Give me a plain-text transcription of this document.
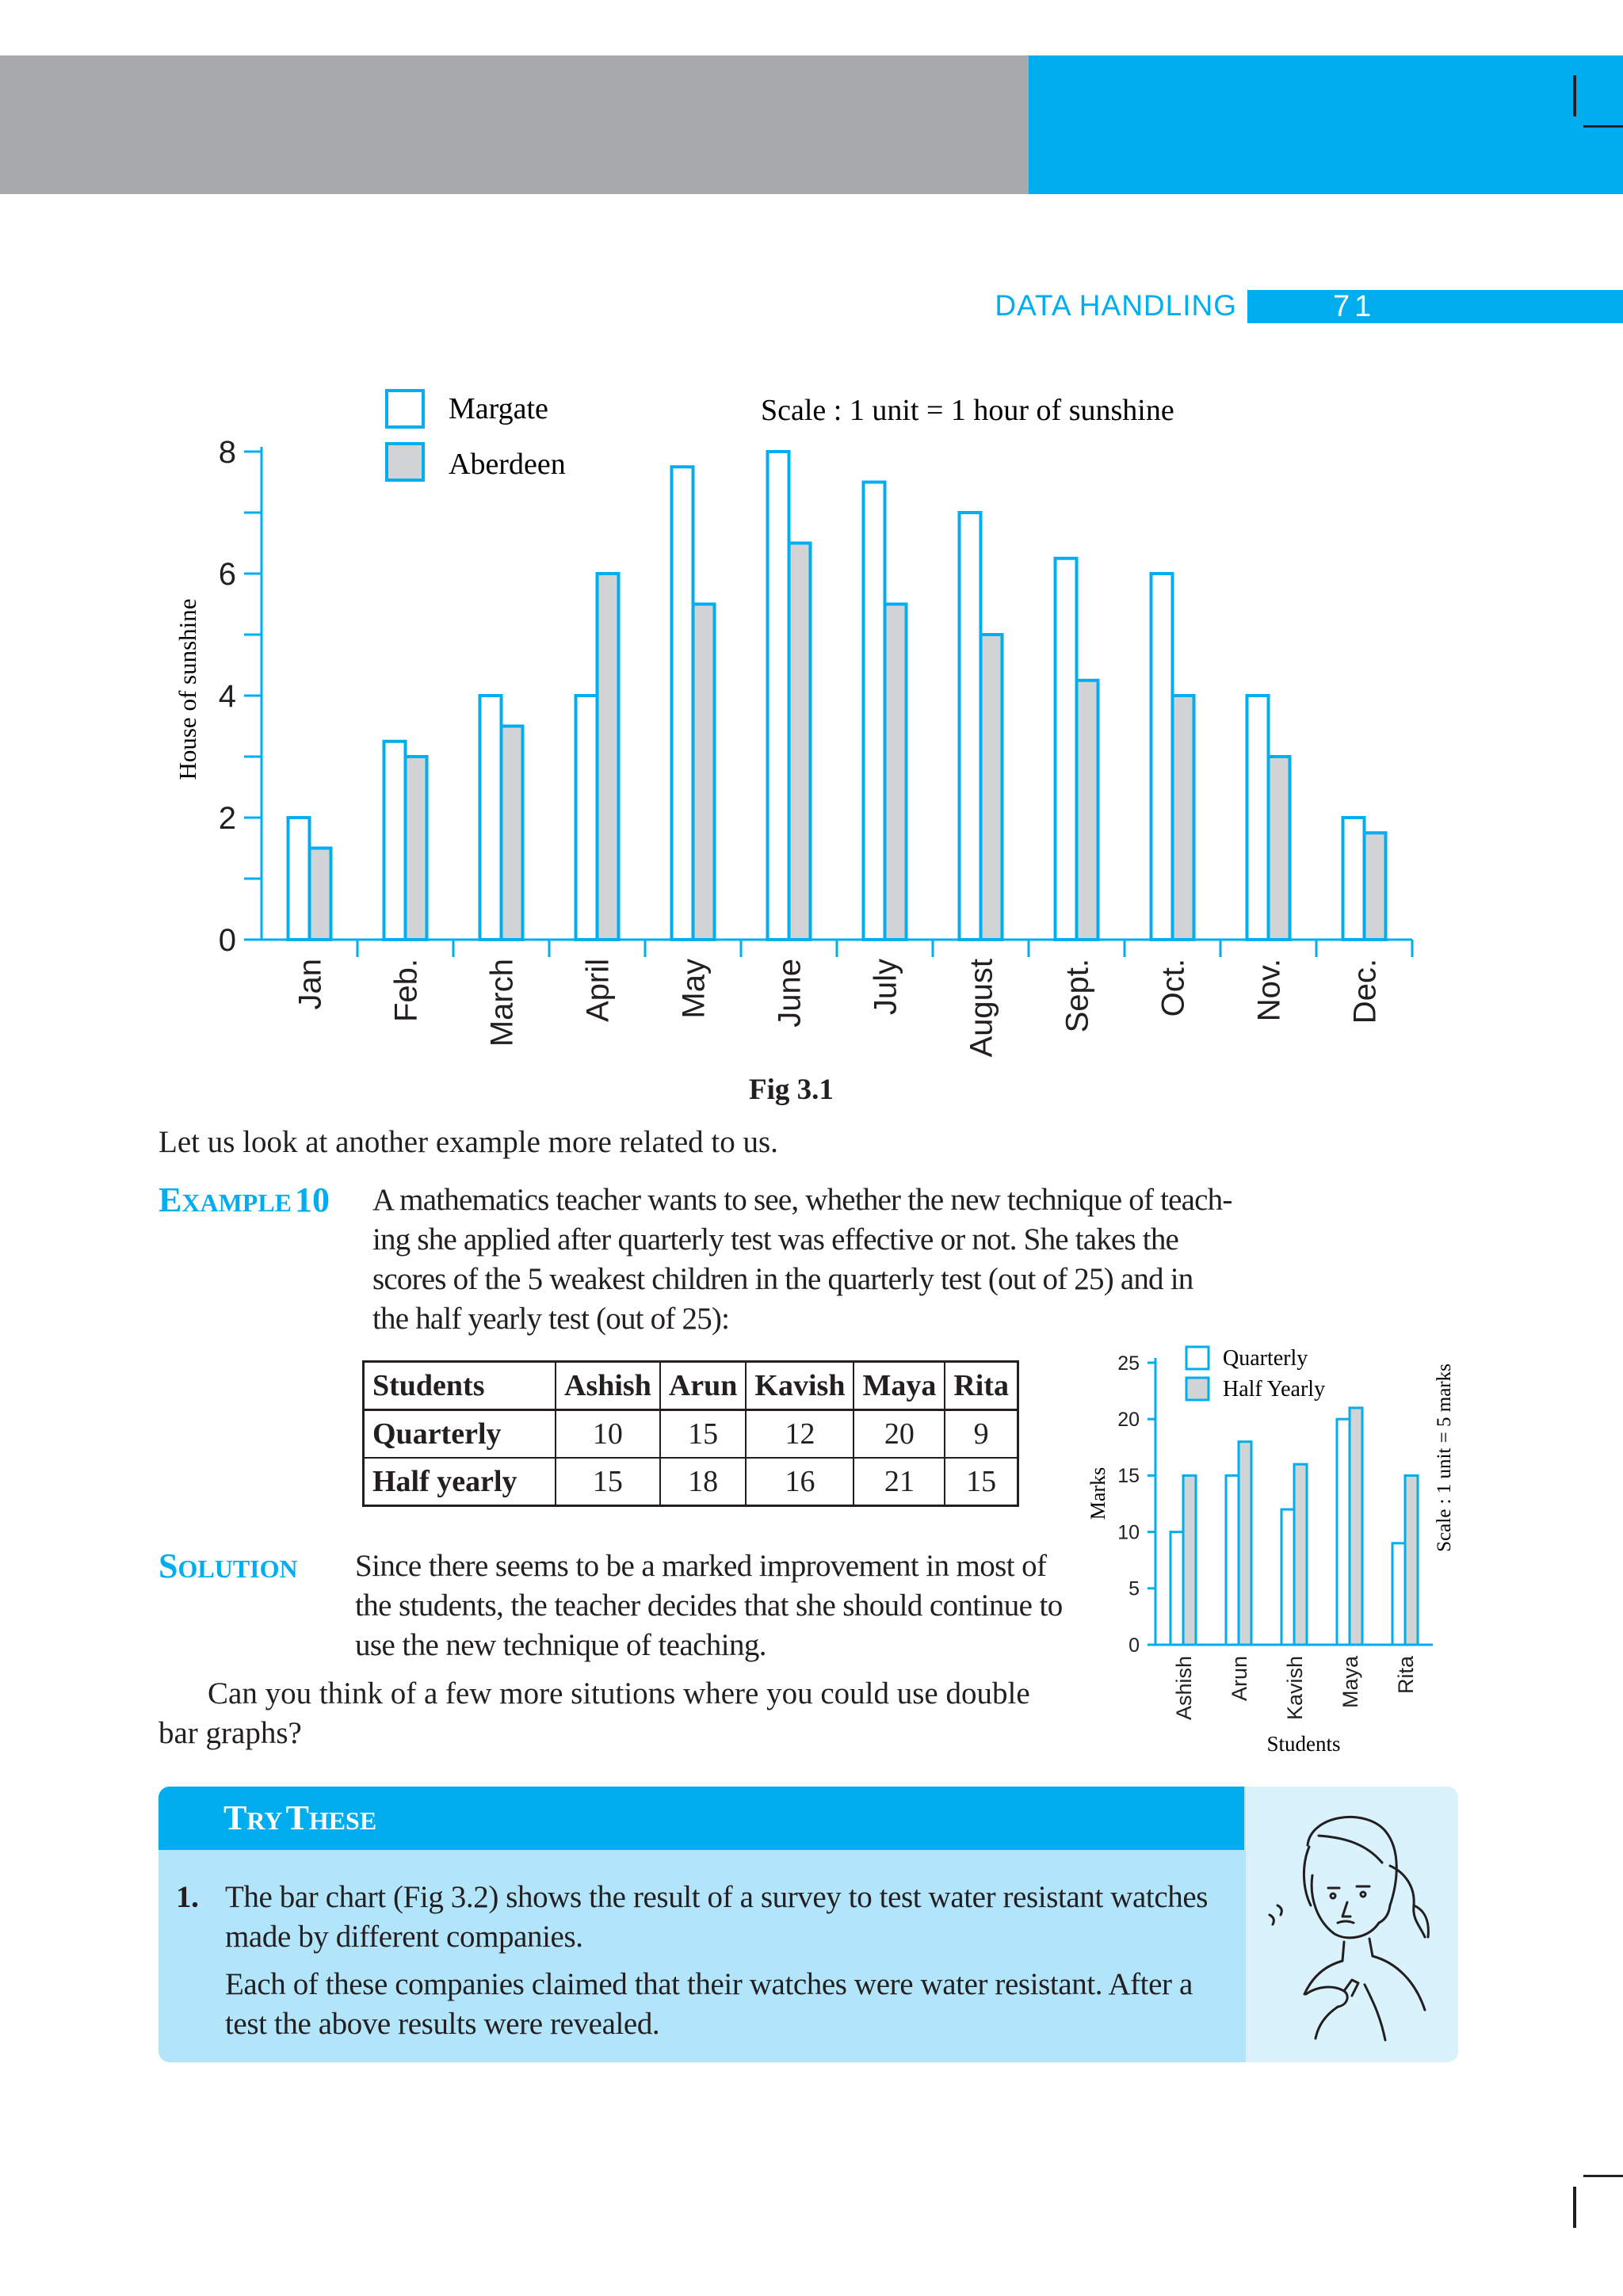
DATA HANDLING	71
0
2
4
6
8
Jan Feb. March April May June July August Sept. Oct. Nov. Dec.
House of sunshine
Scale : 1 unit = 1 hour of sunshine
Margate
Aberdeen
Fig 3.1
Let us look at another example more related to us.
EXAMPLE 10 A mathematics teacher wants to see, whether the new technique of teach-
ing she applied after quarterly test was effective or not. She takes the
scores of the 5 weakest children in the quarterly test (out of 25) and in
the half yearly test (out of 25):
Students	Ashish	Arun	Kavish	Maya	Rita
Quarterly	10	15	12	20	9
Half yearly	15	18	16	21	15
0
5
10
15
20
25
Ashish Arun Kavish Maya Rita
Marks
Students
Scale : 1 unit = 5 marks
Quarterly
Half Yearly
SOLUTION Since there seems to be a marked improvement in most of
the students, the teacher decides that she should continue to
use the new technique of teaching.
Can you think of a few more situtions where you could use double
bar graphs?
TRY THESE
1. The bar chart (Fig 3.2) shows the result of a survey to test water resistant watches
made by different companies.
Each of these companies claimed that their watches were water resistant. After a
test the above results were revealed.
